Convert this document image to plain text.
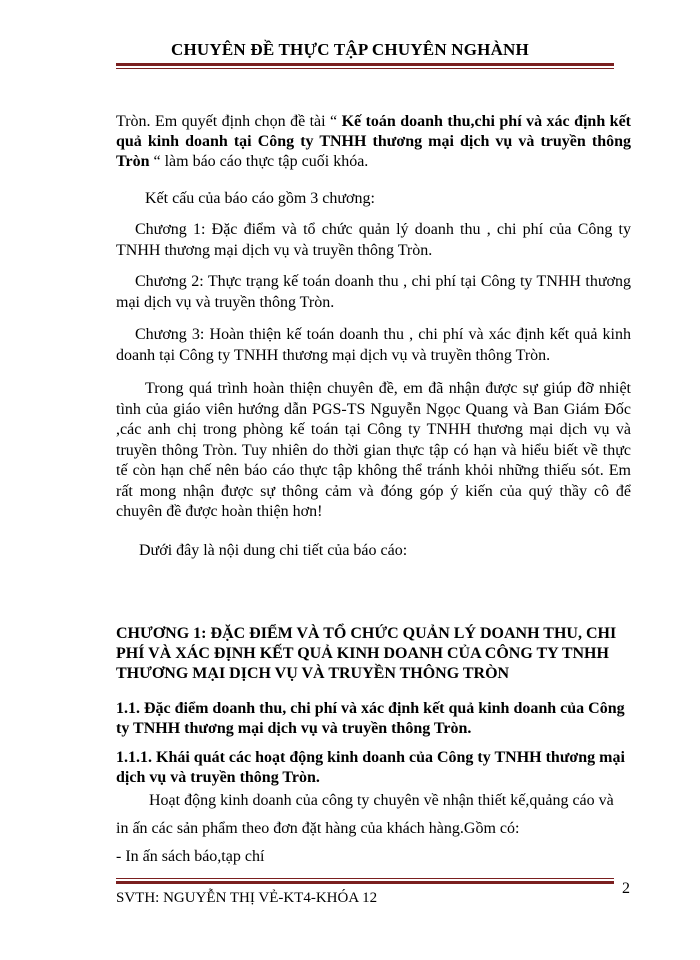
CHUYÊN ĐỀ THỰC TẬP CHUYÊN NGHÀNH
Tròn. Em quyết định chọn đề tài “ Kế toán doanh thu,chi phí và xác định kết quả kinh doanh tại Công ty TNHH thương mại dịch vụ và truyền thông Tròn “ làm báo cáo thực tập cuối khóa.
Kết cấu của báo cáo gồm 3 chương:
Chương 1: Đặc điểm và tổ chức quản lý doanh thu , chi phí của Công ty TNHH thương mại dịch vụ và truyền thông Tròn.
Chương 2: Thực trạng kế toán doanh thu , chi phí tại Công ty TNHH thương mại dịch vụ và truyền thông Tròn.
Chương 3: Hoàn thiện kế toán doanh thu , chi phí và xác định kết quả kinh doanh tại Công ty TNHH thương mại dịch vụ và truyền thông Tròn.
Trong quá trình hoàn thiện chuyên đề, em đã nhận được sự giúp đỡ nhiệt tình của giáo viên hướng dẫn PGS-TS Nguyễn Ngọc Quang và Ban Giám Đốc ,các anh chị trong phòng kế toán tại Công ty TNHH thương mại dịch vụ và truyền thông Tròn. Tuy nhiên do thời gian thực tập có hạn và hiểu biết về thực tế còn hạn chế nên báo cáo thực tập không thể tránh khỏi những thiếu sót. Em rất mong nhận được sự thông cảm và đóng góp ý kiến của quý thầy cô để chuyên đề được hoàn thiện hơn!
Dưới đây là nội dung chi tiết của báo cáo:
CHƯƠNG 1: ĐẶC ĐIỂM VÀ TỔ CHỨC QUẢN LÝ DOANH THU, CHI PHÍ VÀ XÁC ĐỊNH KẾT QUẢ KINH DOANH CỦA CÔNG TY TNHH THƯƠNG MẠI DỊCH VỤ VÀ TRUYỀN THÔNG TRÒN
1.1. Đặc điểm doanh thu, chi phí và xác định kết quả kinh doanh của Công ty TNHH thương mại dịch vụ và truyền thông Tròn.
1.1.1. Khái quát các hoạt động kinh doanh của Công ty TNHH thương mại dịch vụ và truyền thông Tròn.
Hoạt động kinh doanh của công ty chuyên về nhận thiết kế,quảng cáo và
in ấn các sản phẩm theo đơn đặt hàng của khách hàng.Gồm có:
- In ấn sách báo,tạp chí
SVTH: NGUYỄN THỊ VẺ-KT4-KHÓA 12
2
